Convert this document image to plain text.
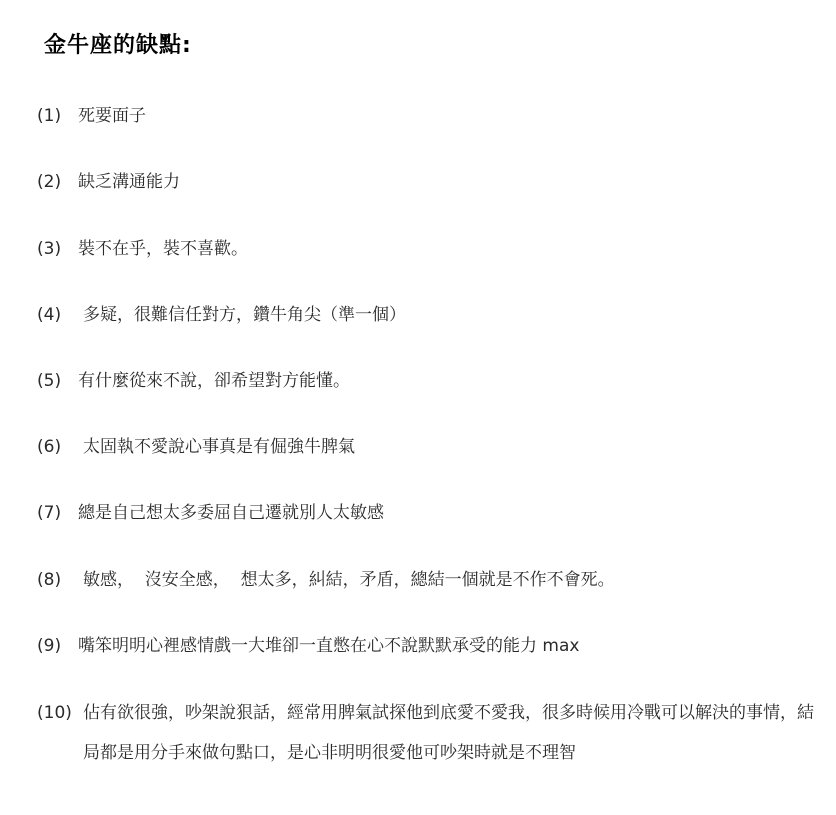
金牛座的缺點:
(1) 死要面子
(2) 缺乏溝通能力
(3) 裝不在乎，裝不喜歡。
(4) 多疑，很難信任對方，鑽牛角尖（準一個）
(5) 有什麼從來不說，卻希望對方能懂。
(6) 太固執不愛說心事真是有倔強牛脾氣
(7) 總是自己想太多委屈自己遷就別人太敏感
(8) 敏感，  沒安全感，  想太多，糾結，矛盾，總結一個就是不作不會死。
(9) 嘴笨明明心裡感情戲一大堆卻一直憋在心不說默默承受的能力 max
(10) 佔有欲很強，吵架說狠話，經常用脾氣試探他到底愛不愛我，很多時候用冷戰可以解決的事情，結局都是用分手來做句點口，是心非明明很愛他可吵架時就是不理智
